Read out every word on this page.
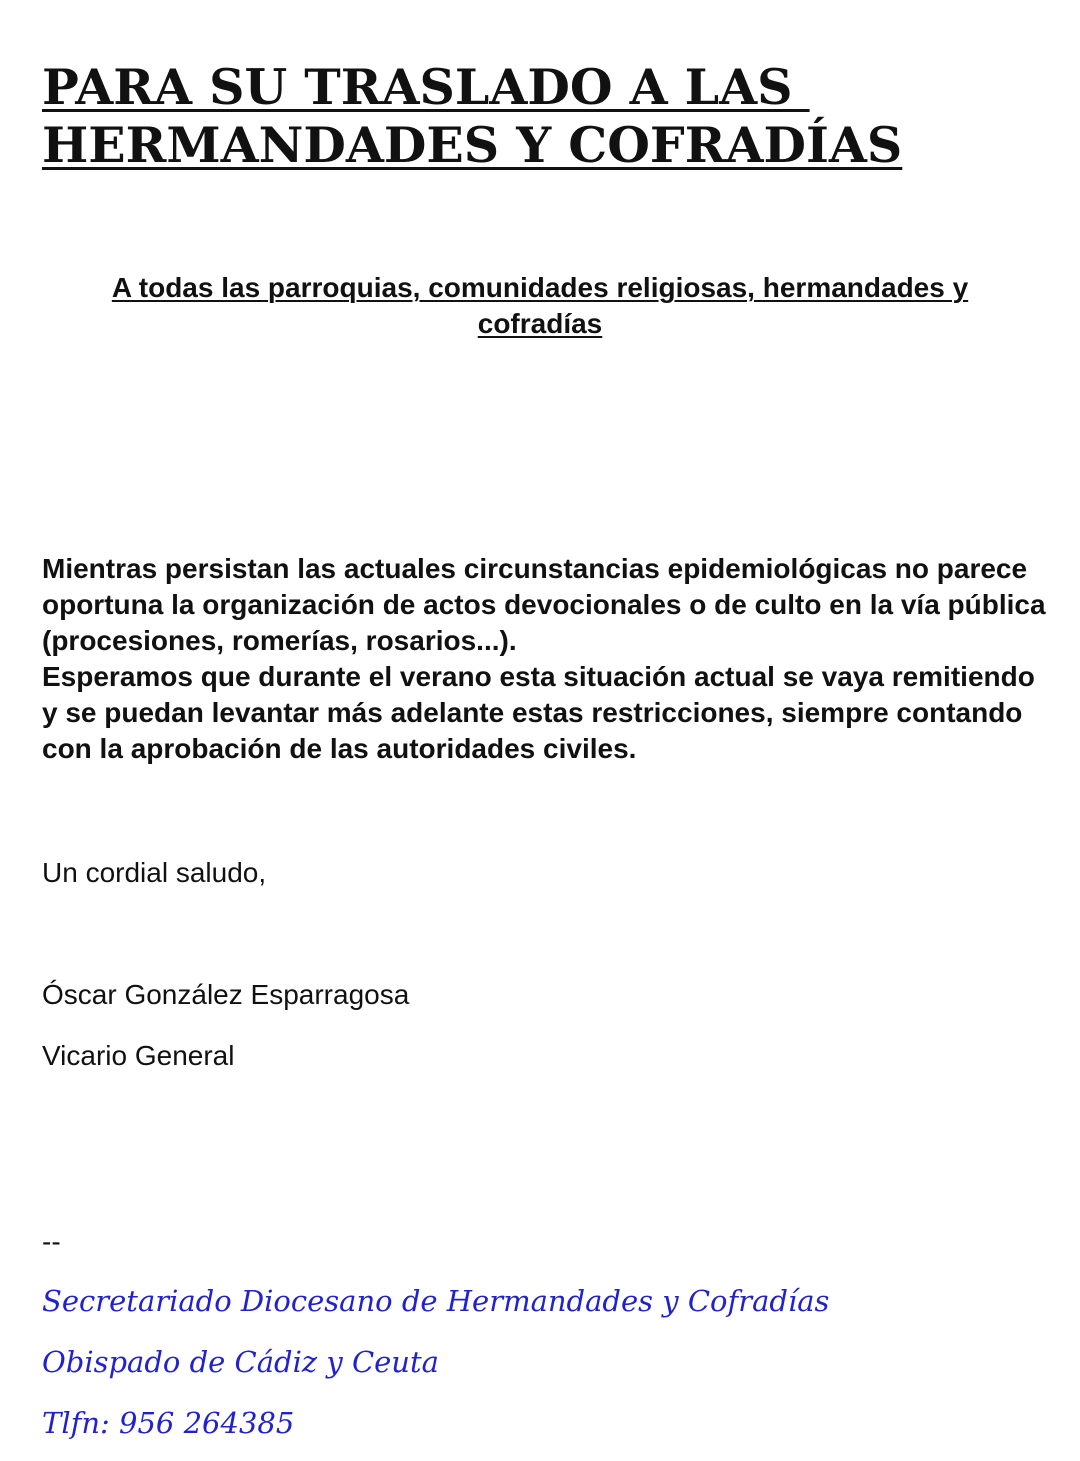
PARA SU TRASLADO A LAS HERMANDADES Y COFRADÍAS

A todas las parroquias, comunidades religiosas, hermandades y cofradías

Mientras persistan las actuales circunstancias epidemiológicas no parece oportuna la organización de actos devocionales o de culto en la vía pública (procesiones, romerías, rosarios...).
Esperamos que durante el verano esta situación actual se vaya remitiendo y se puedan levantar más adelante estas restricciones, siempre contando con la aprobación de las autoridades civiles.

Un cordial saludo,

Óscar González Esparragosa

Vicario General

--

Secretariado Diocesano de Hermandades y Cofradías

Obispado de Cádiz y Ceuta

Tlfn: 956 264385
